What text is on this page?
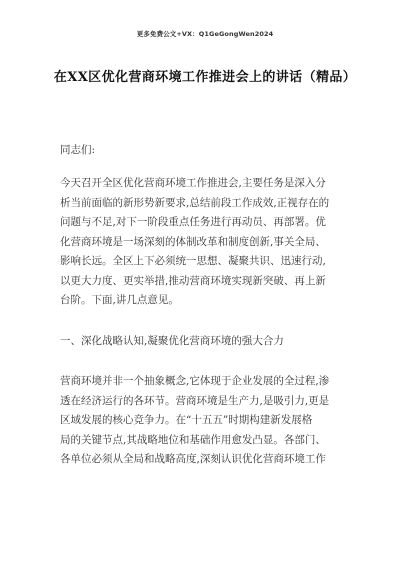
更多免费公文+VX：Q1GeGongWen2024
在XX区优化营商环境工作推进会上的讲话（精品）
同志们:
今天召开全区优化营商环境工作推进会,主要任务是深入分
析当前面临的新形势新要求,总结前段工作成效,正视存在的
问题与不足,对下一阶段重点任务进行再动员、再部署。优
化营商环境是一场深刻的体制改革和制度创新,事关全局、
影响长远。全区上下必须统一思想、凝聚共识、迅速行动,
以更大力度、更实举措,推动营商环境实现新突破、再上新
台阶。下面,讲几点意见。
一、深化战略认知,凝聚优化营商环境的强大合力
营商环境并非一个抽象概念,它体现于企业发展的全过程,渗
透在经济运行的各环节。营商环境是生产力,是吸引力,更是
区域发展的核心竞争力。在“十五五”时期构建新发展格
局的关键节点,其战略地位和基础作用愈发凸显。各部门、
各单位必须从全局和战略高度,深刻认识优化营商环境工作
